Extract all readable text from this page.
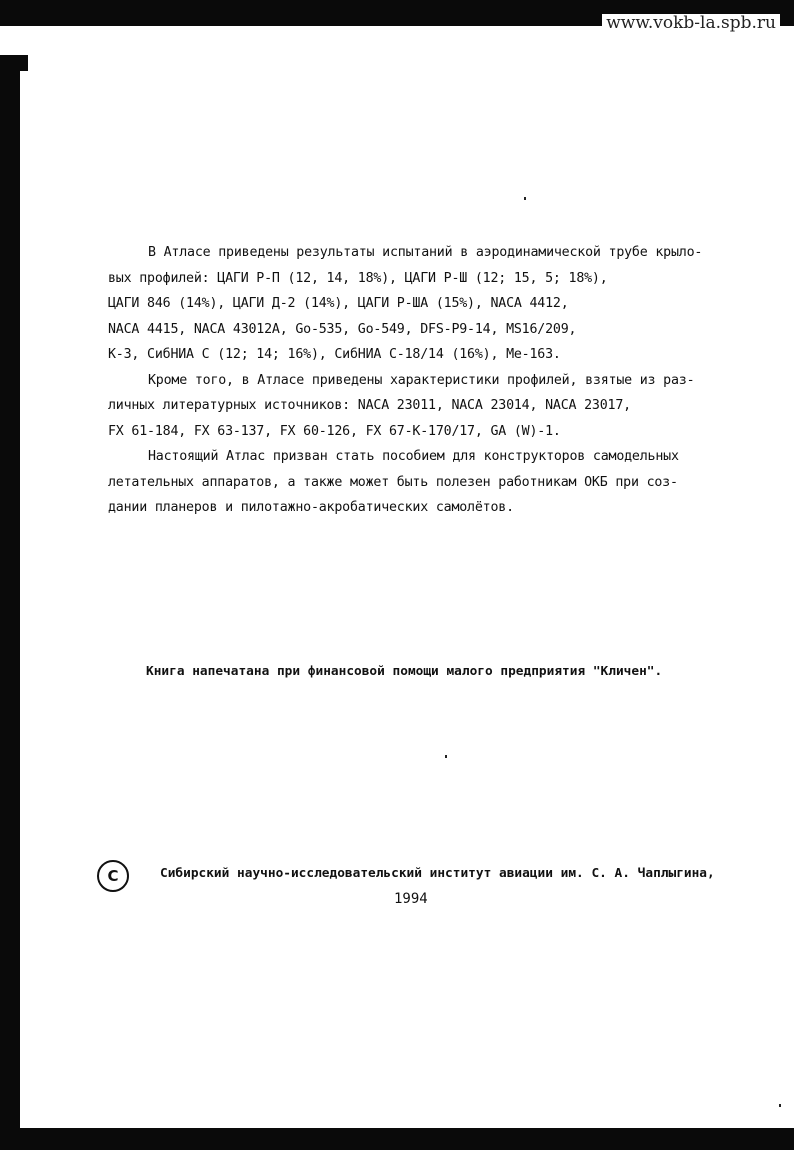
www.vokb-la.spb.ru

В Атласе приведены результаты испытаний в аэродинамической трубе крыло-
вых профилей: ЦАГИ Р-П (12, 14, 18%), ЦАГИ Р-Ш (12; 15, 5; 18%),
ЦАГИ 846 (14%), ЦАГИ Д-2 (14%), ЦАГИ Р-ША (15%), NACA 4412,
NACA 4415, NACA 43012A, Go-535, Go-549, DFS-P9-14, MS16/209,
K-3, СибНИА С (12; 14; 16%), СибНИА С-18/14 (16%), Me-163.

Кроме того, в Атласе приведены характеристики профилей, взятые из раз-
личных литературных источников: NACA 23011, NACA 23014, NACA 23017,
FX 61-184, FX 63-137, FX 60-126, FX 67-K-170/17, GA (W)-1.

Настоящий Атлас призван стать пособием для конструкторов самодельных
летательных аппаратов, а также может быть полезен работникам ОКБ при соз-
дании планеров и пилотажно-акробатических самолётов.

Книга напечатана при финансовой помощи малого предприятия "Кличен".
C	Сибирский научно-исследовательский институт авиации им. С. А. Чаплыгина,
1994
